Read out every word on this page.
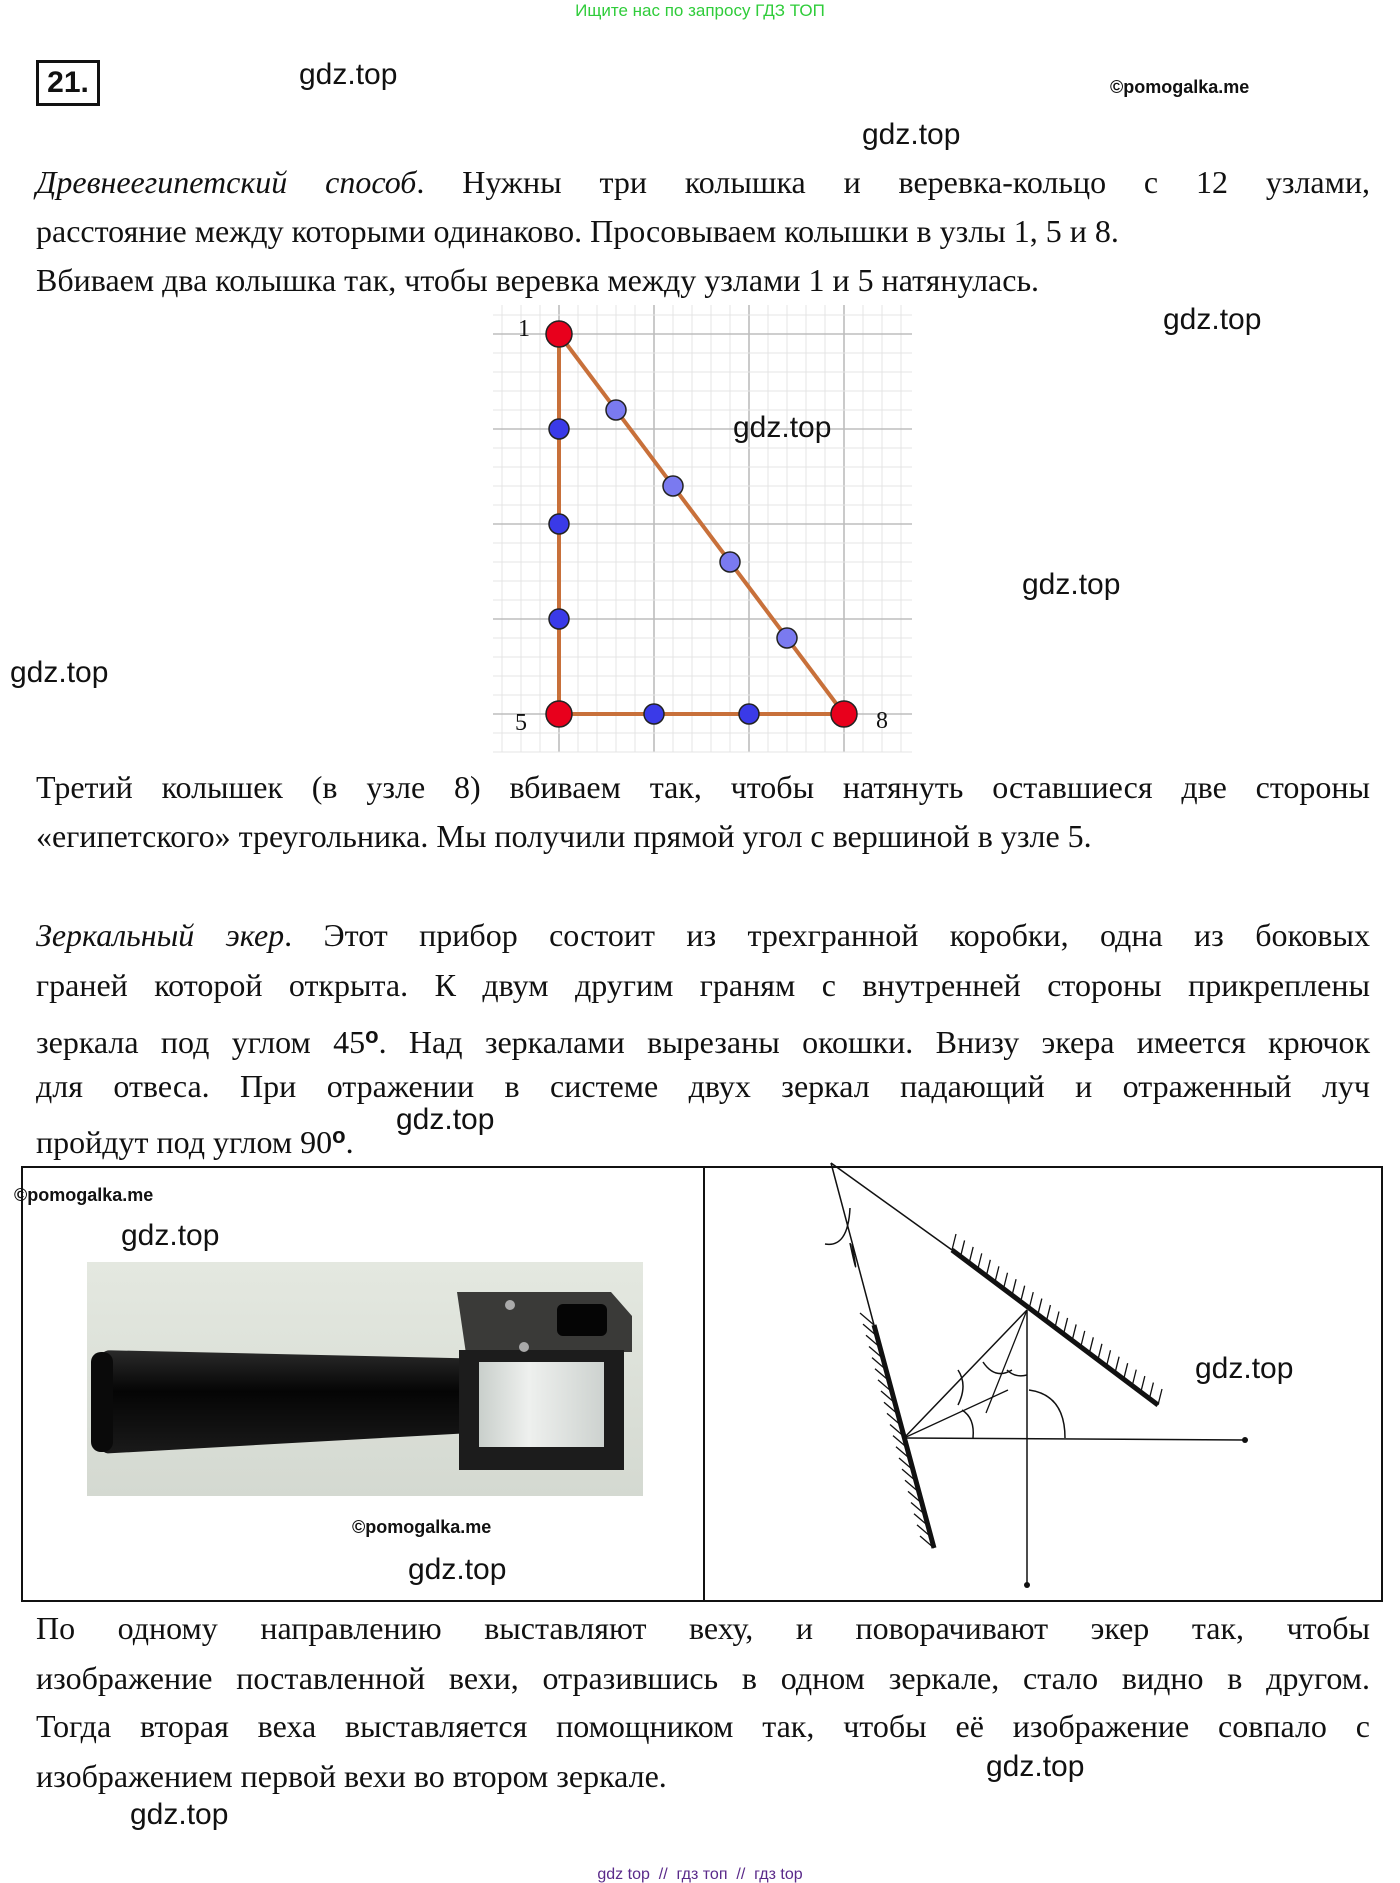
Ищите нас по запросу ГДЗ ТОП
21.
Древнеегипетский способ. Нужны три колышка и веревка-кольцо с 12 узлами,
расстояние между которыми одинаково. Просовываем колышки в узлы 1, 5 и 8.
Вбиваем два колышка так, чтобы веревка между узлами 1 и 5 натянулась.
1
5	8
Третий колышек (в узле 8) вбиваем так, чтобы натянуть оставшиеся две стороны
«египетского» треугольника. Мы получили прямой угол с вершиной в узле 5.
Зеркальный экер. Этот прибор состоит из трехгранной коробки, одна из боковых
граней которой открыта. К двум другим граням с внутренней стороны прикреплены
зеркала под углом 45$^o$. Над зеркалами вырезаны окошки. Внизу экера имеется крючок
для отвеса. При отражении в системе двух зеркал падающий и отраженный луч
пройдут под углом 90$^o$.
По одному направлению выставляют веху, и поворачивают экер так, чтобы
изображение поставленной вехи, отразившись в одном зеркале, стало видно в другом.
Тогда вторая веха выставляется помощником так, чтобы её изображение совпало с
изображением первой вехи во втором зеркале.
gdz.top
gdz.top
gdz.top
gdz.top
gdz.top
gdz.top
gdz.top
gdz.top
gdz.top
gdz.top
gdz.top
gdz.top
©pomogalka.me
©pomogalka.me
©pomogalka.me
gdz top  //  гдз топ  //  гдз top
